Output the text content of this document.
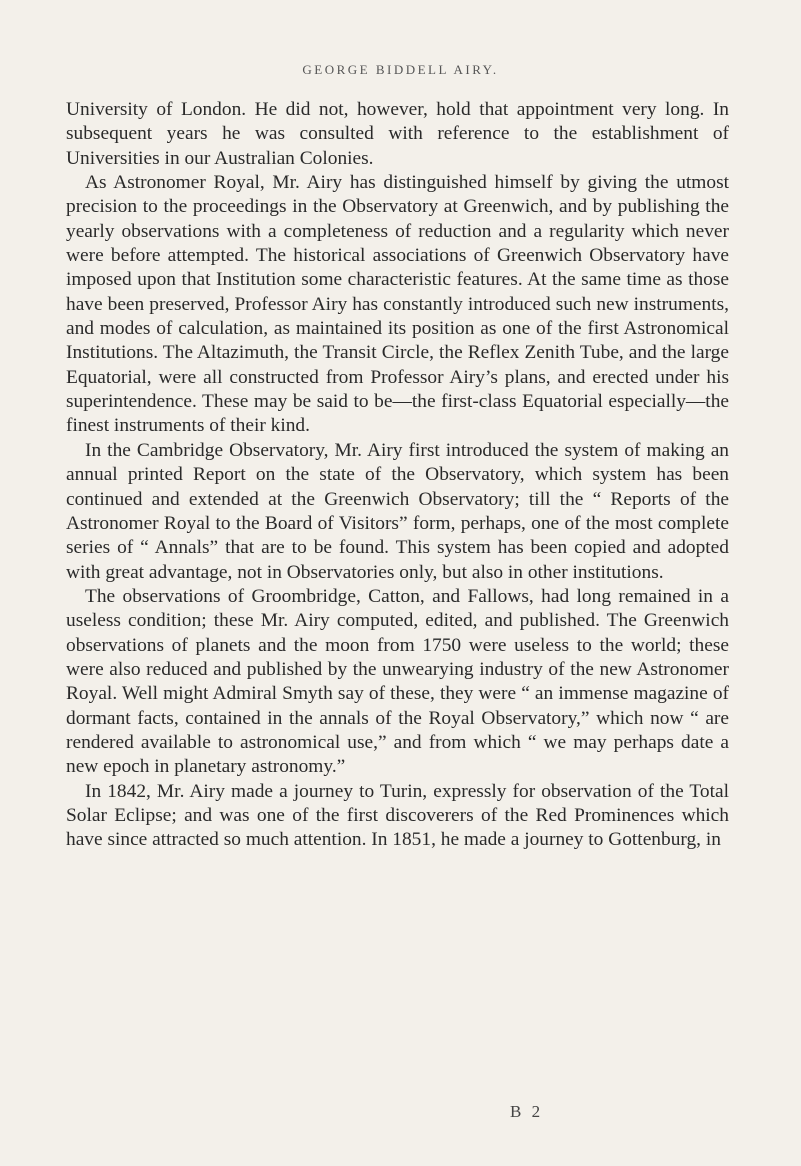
GEORGE BIDDELL AIRY.

University of London. He did not, however, hold that appointment very long. In subsequent years he was consulted with reference to the establishment of Universities in our Australian Colonies.

As Astronomer Royal, Mr. Airy has distinguished himself by giving the utmost precision to the proceedings in the Observatory at Greenwich, and by publishing the yearly observations with a completeness of reduction and a regularity which never were before attempted. The historical associations of Greenwich Observatory have imposed upon that Institution some characteristic features. At the same time as those have been preserved, Professor Airy has constantly introduced such new instruments, and modes of calculation, as maintained its position as one of the first Astronomical Institutions. The Altazimuth, the Transit Circle, the Reflex Zenith Tube, and the large Equatorial, were all constructed from Professor Airy’s plans, and erected under his superintendence. These may be said to be—the first-class Equatorial especially—the finest instruments of their kind.

In the Cambridge Observatory, Mr. Airy first introduced the system of making an annual printed Report on the state of the Observatory, which system has been continued and extended at the Greenwich Observatory; till the “ Reports of the Astronomer Royal to the Board of Visitors” form, perhaps, one of the most complete series of “ Annals” that are to be found. This system has been copied and adopted with great advantage, not in Observatories only, but also in other institutions.

The observations of Groombridge, Catton, and Fallows, had long remained in a useless condition; these Mr. Airy computed, edited, and published. The Greenwich observations of planets and the moon from 1750 were useless to the world; these were also reduced and published by the unwearying industry of the new Astronomer Royal. Well might Admiral Smyth say of these, they were “ an immense magazine of dormant facts, contained in the annals of the Royal Observatory,” which now “ are rendered available to astronomical use,” and from which “ we may perhaps date a new epoch in planetary astronomy.”

In 1842, Mr. Airy made a journey to Turin, expressly for observation of the Total Solar Eclipse; and was one of the first discoverers of the Red Prominences which have since attracted so much attention. In 1851, he made a journey to Gottenburg, in

B 2
